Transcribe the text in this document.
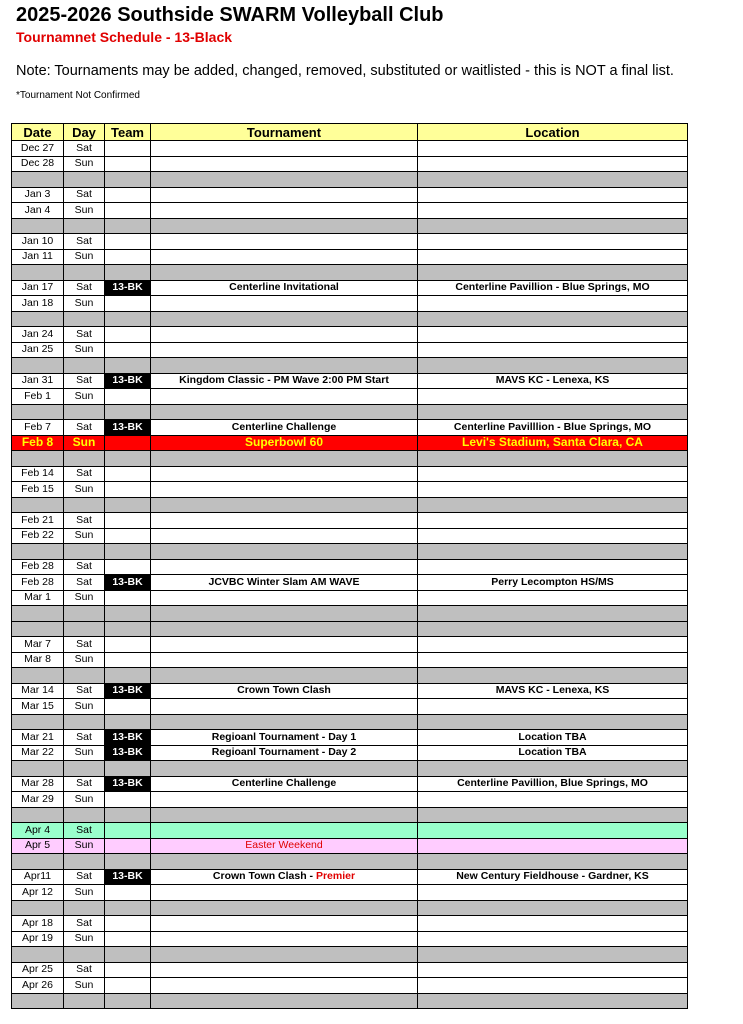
2025-2026 Southside SWARM Volleyball Club
Tournamnet Schedule - 13-Black
Note: Tournaments may be added, changed, removed, substituted or waitlisted - this is NOT a final list.
*Tournament Not Confirmed
Date	Day	Team	Tournament	Location
Dec 27	Sat			
Dec 28	Sun			

Jan 3	Sat			
Jan 4	Sun			

Jan 10	Sat			
Jan 11	Sun			

Jan 17	Sat	13-BK	Centerline Invitational	Centerline Pavillion - Blue Springs, MO
Jan 18	Sun			

Jan 24	Sat			
Jan 25	Sun			

Jan 31	Sat	13-BK	Kingdom Classic - PM Wave 2:00 PM Start	MAVS KC - Lenexa, KS
Feb 1	Sun			

Feb 7	Sat	13-BK	Centerline Challenge	Centerline Pavilllion - Blue Springs, MO
Feb 8	Sun		Superbowl 60	Levi's Stadium, Santa Clara, CA

Feb 14	Sat			
Feb 15	Sun			

Feb 21	Sat			
Feb 22	Sun			

Feb 28	Sat			
Feb 28	Sat	13-BK	JCVBC Winter Slam AM WAVE	Perry Lecompton HS/MS
Mar 1	Sun			

Mar 7	Sat			
Mar 8	Sun			

Mar 14	Sat	13-BK	Crown Town Clash	MAVS KC - Lenexa, KS
Mar 15	Sun			

Mar 21	Sat	13-BK	Regioanl Tournament - Day 1	Location TBA
Mar 22	Sun	13-BK	Regioanl Tournament - Day 2	Location TBA

Mar 28	Sat	13-BK	Centerline Challenge	Centerline Pavillion, Blue Springs, MO
Mar 29	Sun			

Apr 4	Sat			
Apr 5	Sun		Easter Weekend	

Apr11	Sat	13-BK	Crown Town Clash - Premier	New Century Fieldhouse - Gardner, KS
Apr 12	Sun			

Apr 18	Sat			
Apr 19	Sun			

Apr 25	Sat			
Apr 26	Sun			
